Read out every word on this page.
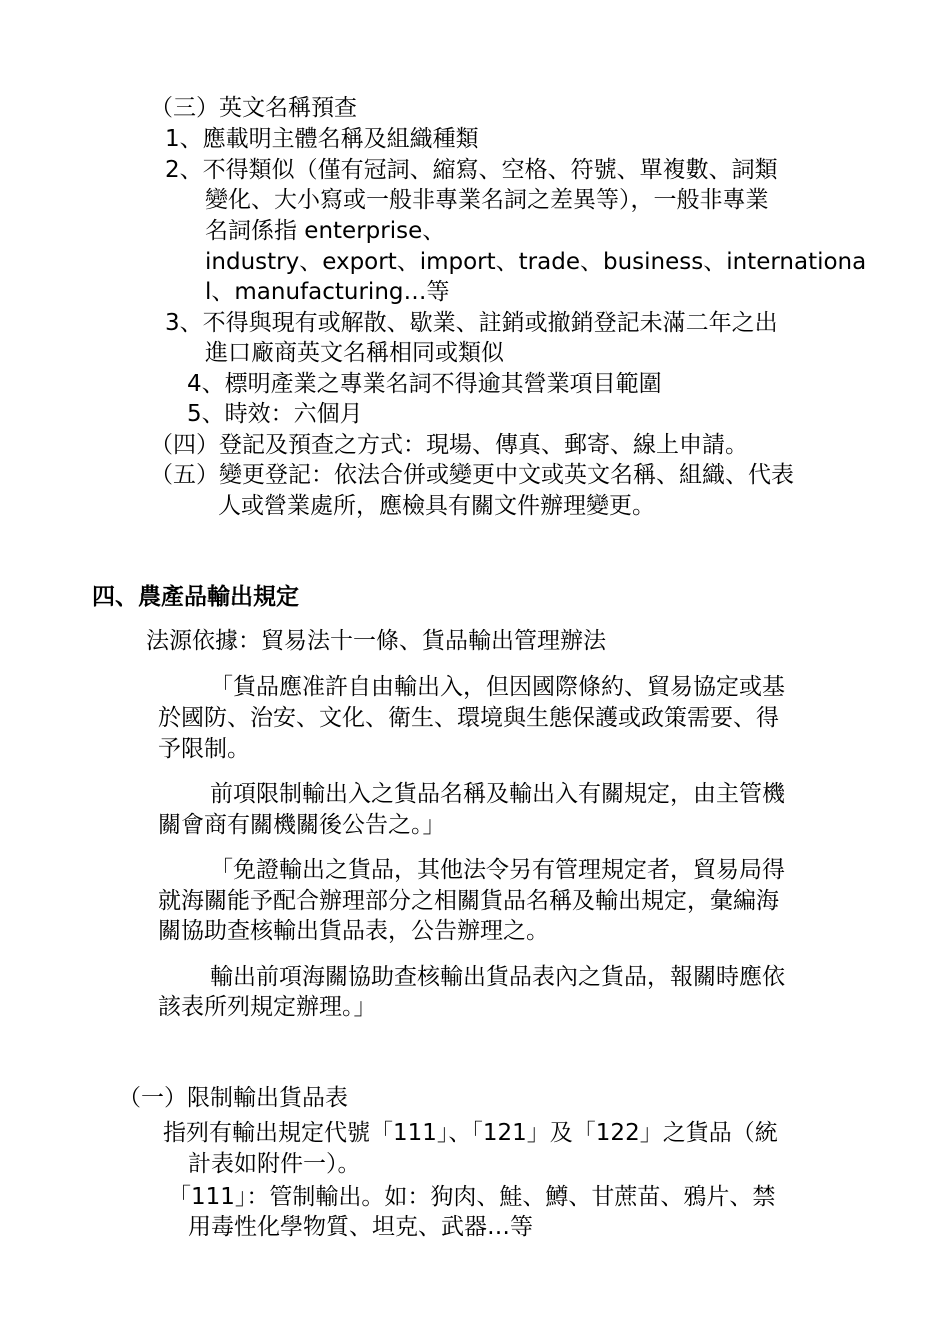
（三）英文名稱預查
1、應載明主體名稱及組織種類
2、不得類似（僅有冠詞、縮寫、空格、符號、單複數、詞類
變化、大小寫或一般非專業名詞之差異等），一般非專業
名詞係指 enterprise、
industry、export、import、trade、business、internationa
l、manufacturing…等
3、不得與現有或解散、歇業、註銷或撤銷登記未滿二年之出
進口廠商英文名稱相同或類似
4、標明產業之專業名詞不得逾其營業項目範圍
5、時效：六個月
（四）登記及預查之方式：現場、傳真、郵寄、線上申請。
（五）變更登記：依法合併或變更中文或英文名稱、組織、代表
人或營業處所，應檢具有關文件辦理變更。
四、農產品輸出規定
法源依據：貿易法十一條、貨品輸出管理辦法
「貨品應准許自由輸出入，但因國際條約、貿易協定或基
於國防、治安、文化、衛生、環境與生態保護或政策需要、得
予限制。
前項限制輸出入之貨品名稱及輸出入有關規定，由主管機
關會商有關機關後公告之。」
「免證輸出之貨品，其他法令另有管理規定者，貿易局得
就海關能予配合辦理部分之相關貨品名稱及輸出規定，彙編海
關協助查核輸出貨品表，公告辦理之。
輸出前項海關協助查核輸出貨品表內之貨品，報關時應依
該表所列規定辦理。」
（一）限制輸出貨品表
指列有輸出規定代號「111」、「121」及「122」之貨品（統
計表如附件一）。
「111」：管制輸出。如：狗肉、鮭、鱒、甘蔗苗、鴉片、禁
用毒性化學物質、坦克、武器…等
